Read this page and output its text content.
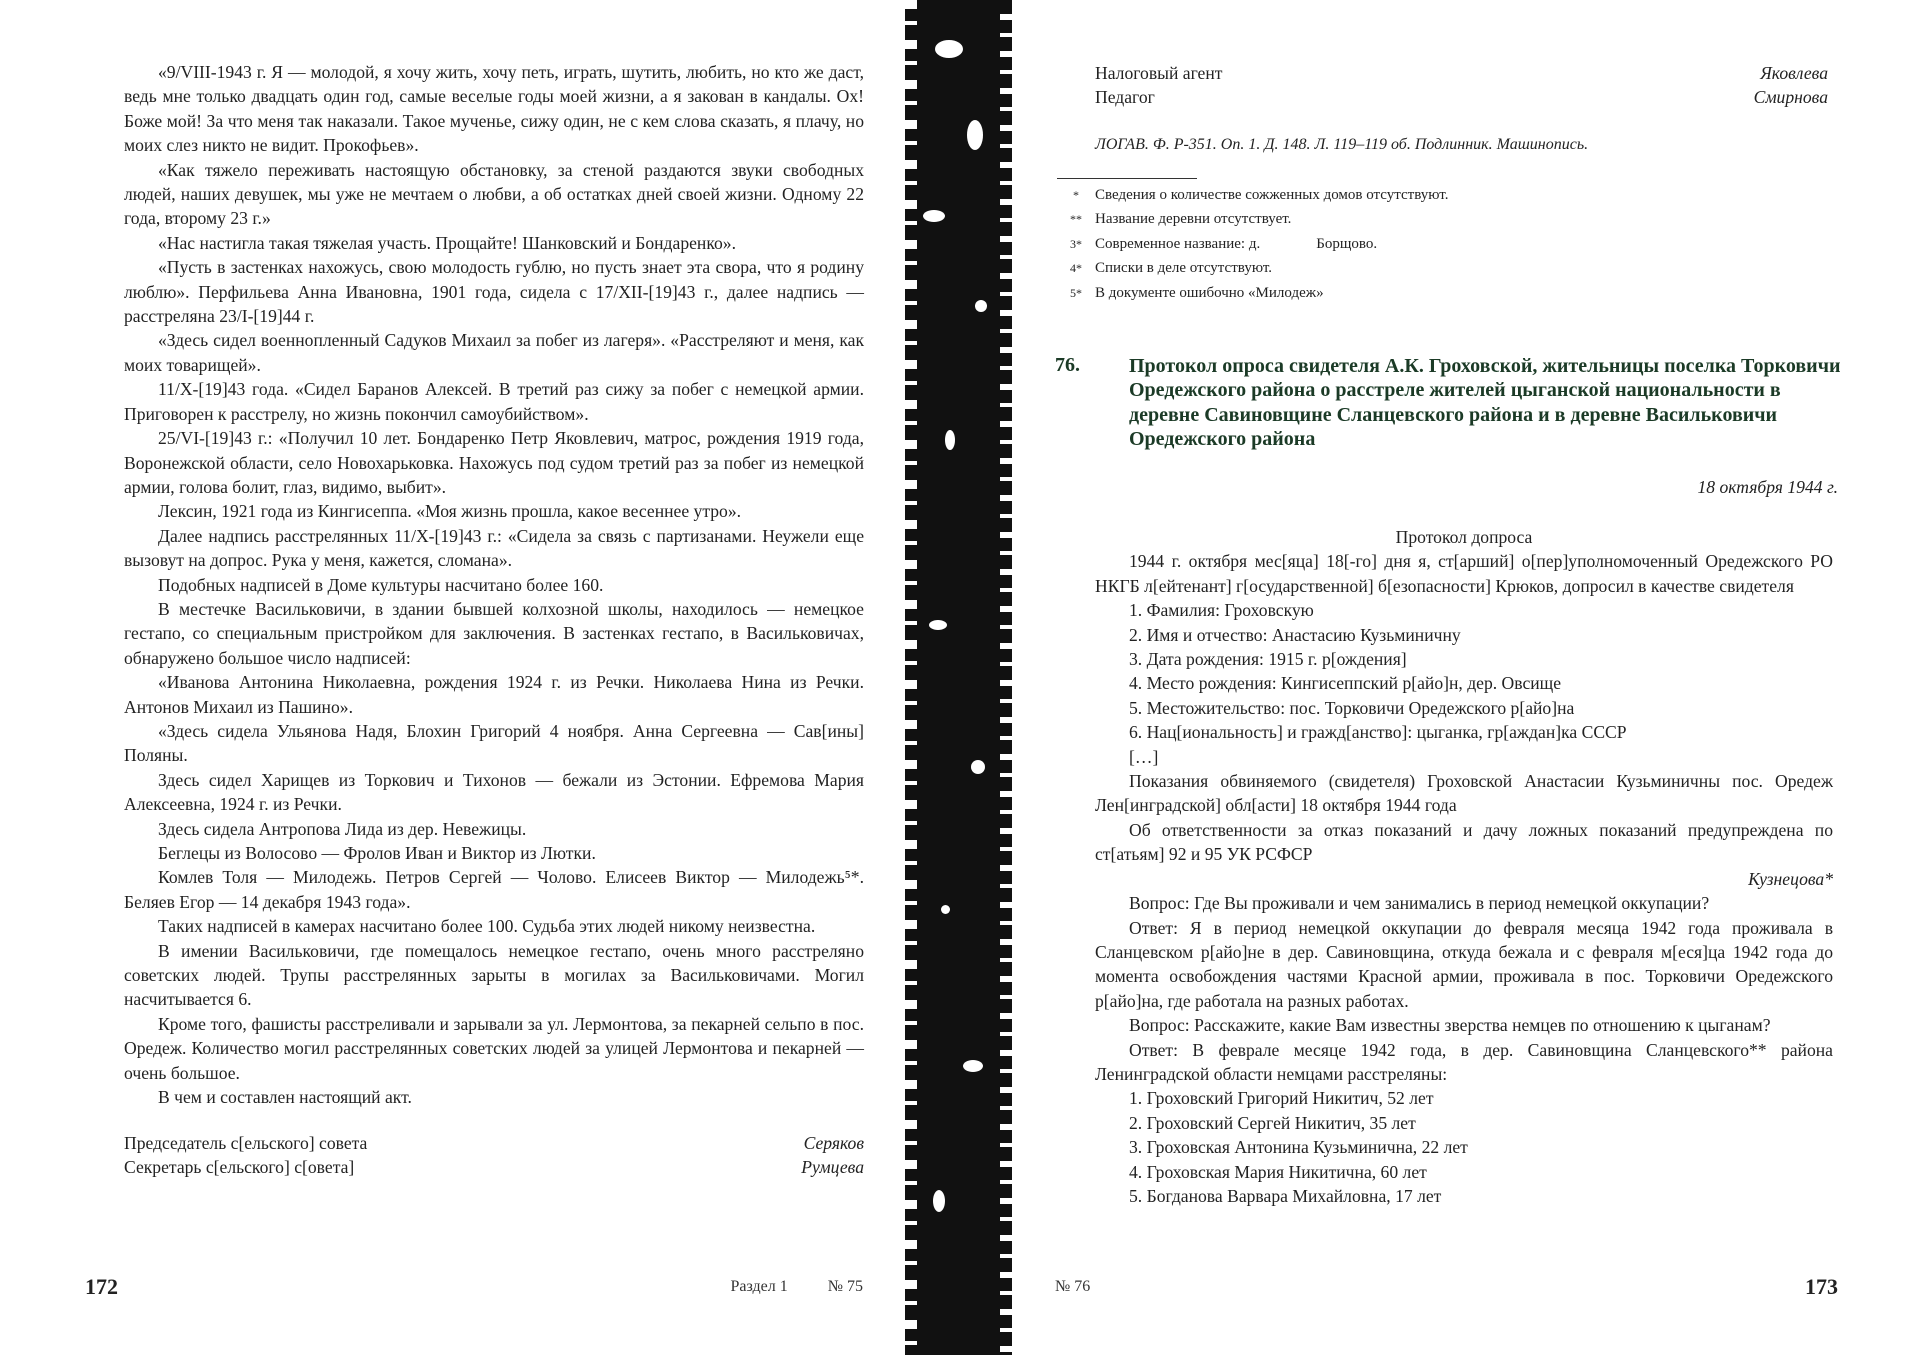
«9/VIII-1943 г. Я — молодой, я хочу жить, хочу петь, играть, шутить, любить, но кто же даст, ведь мне только двадцать один год, самые веселые годы моей жизни, а я закован в кандалы. Ох! Боже мой! За что меня так наказали. Такое мученье, сижу один, не с кем слова сказать, я плачу, но моих слез никто не видит. Прокофьев».

«Как тяжело переживать настоящую обстановку, за стеной раздаются звуки свободных людей, наших девушек, мы уже не мечтаем о любви, а об остатках дней своей жизни. Одному 22 года, второму 23 г.»

«Нас настигла такая тяжелая участь. Прощайте! Шанковский и Бондаренко».

«Пусть в застенках нахожусь, свою молодость гублю, но пусть знает эта свора, что я родину люблю». Перфильева Анна Ивановна, 1901 года, сидела с 17/XII-[19]43 г., далее надпись — расстреляна 23/I-[19]44 г.

«Здесь сидел военнопленный Садуков Михаил за побег из лагеря». «Расстреляют и меня, как моих товарищей».

11/X-[19]43 года. «Сидел Баранов Алексей. В третий раз сижу за побег с немецкой армии. Приговорен к расстрелу, но жизнь покончил самоубийством».

25/VI-[19]43 г.: «Получил 10 лет. Бондаренко Петр Яковлевич, матрос, рождения 1919 года, Воронежской области, село Новохарьковка. Нахожусь под судом третий раз за побег из немецкой армии, голова болит, глаз, видимо, выбит».

Лексин, 1921 года из Кингисеппа. «Моя жизнь прошла, какое весеннее утро».

Далее надпись расстрелянных 11/X-[19]43 г.: «Сидела за связь с партизанами. Неужели еще вызовут на допрос. Рука у меня, кажется, сломана».

Подобных надписей в Доме культуры насчитано более 160.

В местечке Васильковичи, в здании бывшей колхозной школы, находилось — немецкое гестапо, со специальным пристройком для заключения. В застенках гестапо, в Васильковичах, обнаружено большое число надписей:

«Иванова Антонина Николаевна, рождения 1924 г. из Речки. Николаева Нина из Речки. Антонов Михаил из Пашино».

«Здесь сидела Ульянова Надя, Блохин Григорий 4 ноября. Анна Сергеевна — Сав[ины] Поляны.

Здесь сидел Харищев из Торкович и Тихонов — бежали из Эстонии. Ефремова Мария Алексеевна, 1924 г. из Речки.

Здесь сидела Антропова Лида из дер. Невежицы.

Беглецы из Волосово — Фролов Иван и Виктор из Лютки.

Комлев Толя — Милодежь. Петров Сергей — Чолово. Елисеев Виктор — Милодежь⁵*. Беляев Егор — 14 декабря 1943 года».

Таких надписей в камерах насчитано более 100. Судьба этих людей никому неизвестна.

В имении Васильковичи, где помещалось немецкое гестапо, очень много расстреляно советских людей. Трупы расстрелянных зарыты в могилах за Васильковичами. Могил насчитывается 6.

Кроме того, фашисты расстреливали и зарывали за ул. Лермонтова, за пекарней сельпо в пос. Оредеж. Количество могил расстрелянных советских людей за улицей Лермонтова и пекарней — очень большое.

В чем и составлен настоящий акт.

Председатель с[ельского] совета	Серяков
Секретарь с[ельского] с[овета]	Румцева
172	Раздел 1	№ 75
Налоговый агент	Яковлева
Педагог	Смирнова
ЛОГАВ. Ф. Р-351. Оп. 1. Д. 148. Л. 119–119 об. Подлинник. Машинопись.
*	Сведения о количестве сожженных домов отсутствуют.
** Название деревни отсутствует.
3* Современное название: д.	Борщово.
4* Списки в деле отсутствуют.
5* В документе ошибочно «Милодеж»
76. Протокол опроса свидетеля А.К. Гроховской, жительницы поселка Торковичи Оредежского района о расстреле жителей цыганской национальности в деревне Савиновщине Сланцевского района и в деревне Васильковичи Оредежского района
18 октября 1944 г.

Протокол допроса

1944 г. октября мес[яца] 18[-го] дня я, ст[арший] о[пер]уполномоченный Оредежского РО НКГБ л[ейтенант] г[осударственной] б[езопасности] Крюков, допросил в качестве свидетеля

1. Фамилия: Гроховскую

2. Имя и отчество: Анастасию Кузьминичну

3. Дата рождения: 1915 г. р[ождения]

4. Место рождения: Кингисеппский р[айо]н, дер. Овсище

5. Местожительство: пос. Торковичи Оредежского р[айо]на

6. Нац[иональность] и гражд[анство]: цыганка, гр[аждан]ка СССР

[…]

Показания обвиняемого (свидетеля) Гроховской Анастасии Кузьминичны пос. Оредеж Лен[инградской] обл[асти] 18 октября 1944 года

Об ответственности за отказ показаний и дачу ложных показаний предупреждена по ст[атьям] 92 и 95 УК РСФСР

Кузнецова*

Вопрос: Где Вы проживали и чем занимались в период немецкой оккупации?

Ответ: Я в период немецкой оккупации до февраля месяца 1942 года проживала в Сланцевском р[айо]не в дер. Савиновщина, откуда бежала и с февраля м[еся]ца 1942 года до момента освобождения частями Красной армии, проживала в пос. Торковичи Оредежского р[айо]на, где работала на разных работах.

Вопрос: Расскажите, какие Вам известны зверства немцев по отношению к цыганам?

Ответ: В феврале месяце 1942 года, в дер. Савиновщина Сланцевского** района Ленинградской области немцами расстреляны:

1. Гроховский Григорий Никитич, 52 лет

2. Гроховский Сергей Никитич, 35 лет

3. Гроховская Антонина Кузьминична, 22 лет

4. Гроховская Мария Никитична, 60 лет

5. Богданова Варвара Михайловна, 17 лет

№ 76	173
